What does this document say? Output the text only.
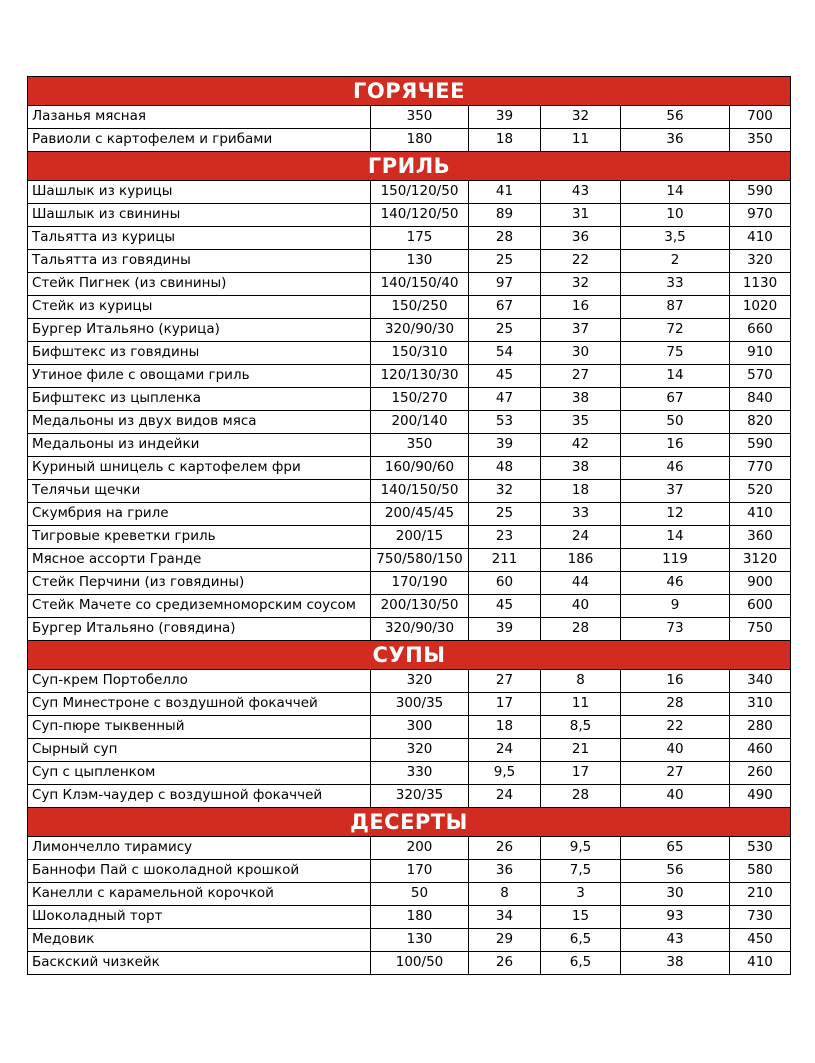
ГОРЯЧЕЕ					
Лазанья мясная	350	39	32	56	700
Равиоли с картофелем и грибами	180	18	11	36	350
ГРИЛЬ					
Шашлык из курицы	150/120/50	41	43	14	590
Шашлык из свинины	140/120/50	89	31	10	970
Тальятта из курицы	175	28	36	3,5	410
Тальятта из говядины	130	25	22	2	320
Стейк Пигнек (из свинины)	140/150/40	97	32	33	1130
Стейк из курицы	150/250	67	16	87	1020
Бургер Итальяно (курица)	320/90/30	25	37	72	660
Бифштекс из говядины	150/310	54	30	75	910
Утиное филе с овощами гриль	120/130/30	45	27	14	570
Бифштекс из цыпленка	150/270	47	38	67	840
Медальоны из двух видов мяса	200/140	53	35	50	820
Медальоны из индейки	350	39	42	16	590
Куриный шницель с картофелем фри	160/90/60	48	38	46	770
Телячьи щечки	140/150/50	32	18	37	520
Скумбрия на гриле	200/45/45	25	33	12	410
Тигровые креветки гриль	200/15	23	24	14	360
Мясное ассорти Гранде	750/580/150	211	186	119	3120
Стейк Перчини (из говядины)	170/190	60	44	46	900
Стейк Мачете со средиземноморским соусом	200/130/50	45	40	9	600
Бургер Итальяно (говядина)	320/90/30	39	28	73	750
СУПЫ					
Суп-крем Портобелло	320	27	8	16	340
Суп Минестроне с воздушной фокаччей	300/35	17	11	28	310
Суп-пюре тыквенный	300	18	8,5	22	280
Сырный суп	320	24	21	40	460
Суп с цыпленком	330	9,5	17	27	260
Суп Клэм-чаудер с воздушной фокаччей	320/35	24	28	40	490
ДЕСЕРТЫ					
Лимончелло тирамису	200	26	9,5	65	530
Баннофи Пай с шоколадной крошкой	170	36	7,5	56	580
Канелли с карамельной корочкой	50	8	3	30	210
Шоколадный торт	180	34	15	93	730
Медовик	130	29	6,5	43	450
Баскский чизкейк	100/50	26	6,5	38	410
